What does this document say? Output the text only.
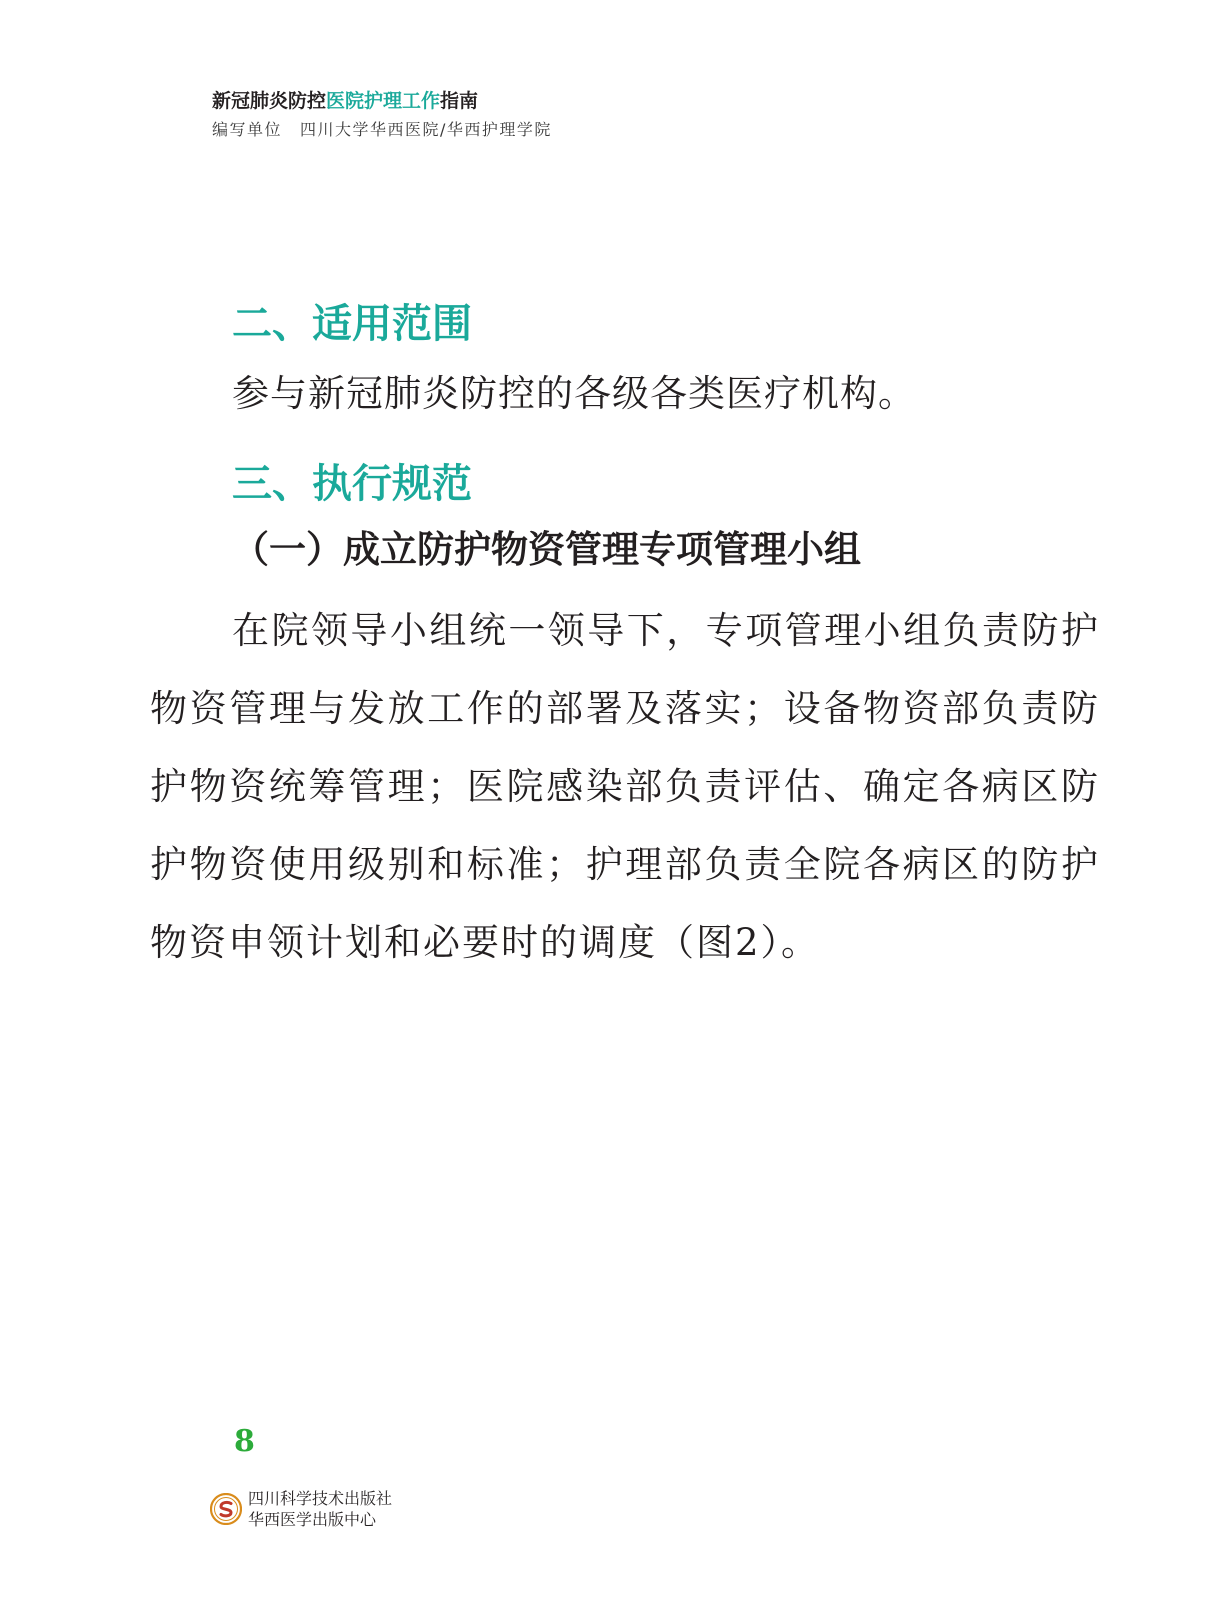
新冠肺炎防控医院护理工作指南
编写单位 四川大学华西医院/华西护理学院
二、适用范围
参与新冠肺炎防控的各级各类医疗机构。
三、执行规范
（一）成立防护物资管理专项管理小组

在院领导小组统一领导下，专项管理小组负责防护物资管理与发放工作的部署及落实；设备物资部负责防护物资统筹管理；医院感染部负责评估、确定各病区防护物资使用级别和标准；护理部负责全院各病区的防护物资申领计划和必要时的调度（图2）。

8
四川科学技术出版社
华西医学出版中心
